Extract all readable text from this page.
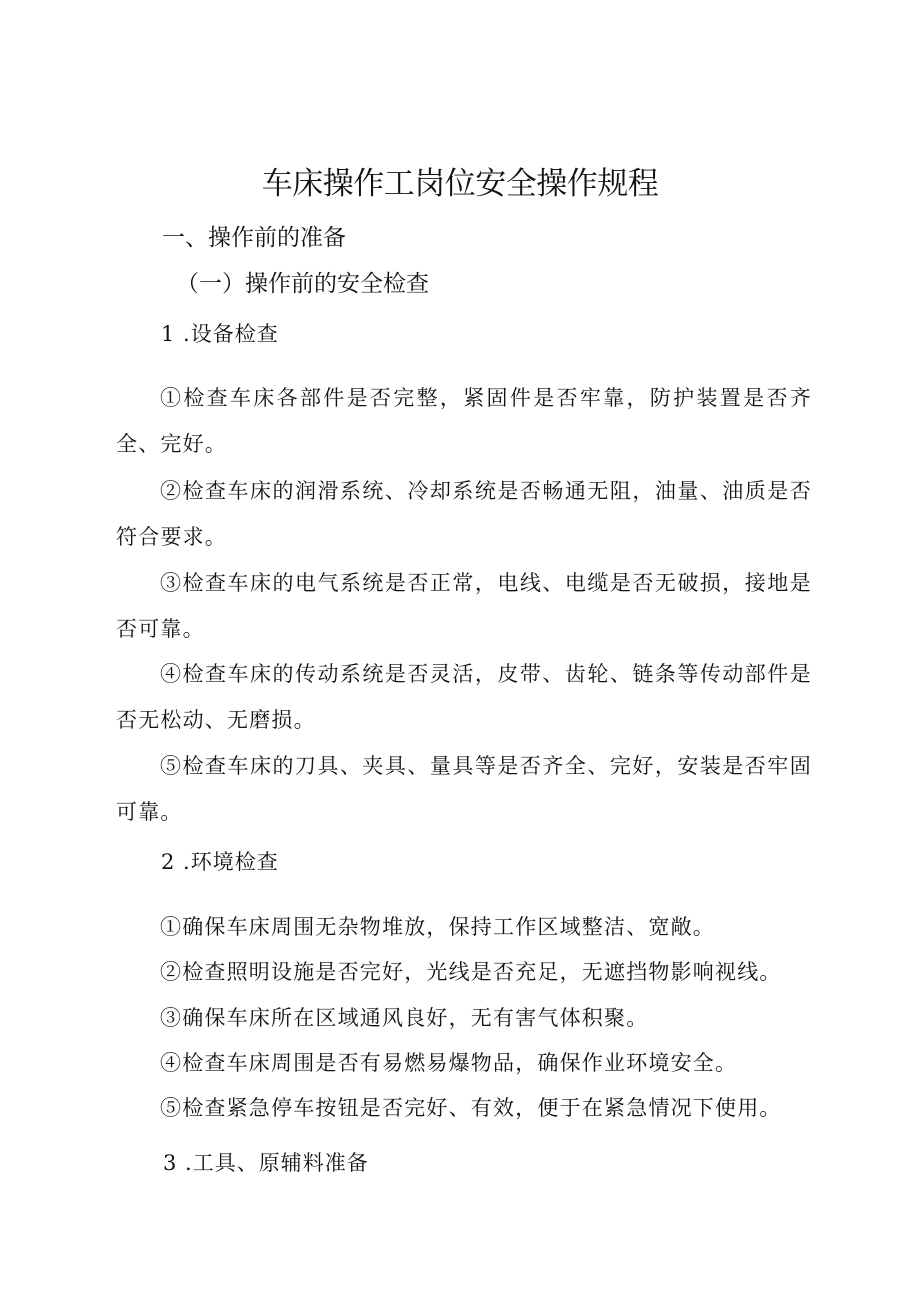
车床操作工岗位安全操作规程
一、操作前的准备
（一）操作前的安全检查
1 .设备检查

①检查车床各部件是否完整，紧固件是否牢靠，防护装置是否齐全、完好。

②检查车床的润滑系统、冷却系统是否畅通无阻，油量、油质是否符合要求。

③检查车床的电气系统是否正常，电线、电缆是否无破损，接地是否可靠。

④检查车床的传动系统是否灵活，皮带、齿轮、链条等传动部件是否无松动、无磨损。

⑤检查车床的刀具、夹具、量具等是否齐全、完好，安装是否牢固可靠。

2 .环境检查

①确保车床周围无杂物堆放，保持工作区域整洁、宽敞。

②检查照明设施是否完好，光线是否充足，无遮挡物影响视线。

③确保车床所在区域通风良好，无有害气体积聚。

④检查车床周围是否有易燃易爆物品，确保作业环境安全。

⑤检查紧急停车按钮是否完好、有效，便于在紧急情况下使用。

3 .工具、原辅料准备
